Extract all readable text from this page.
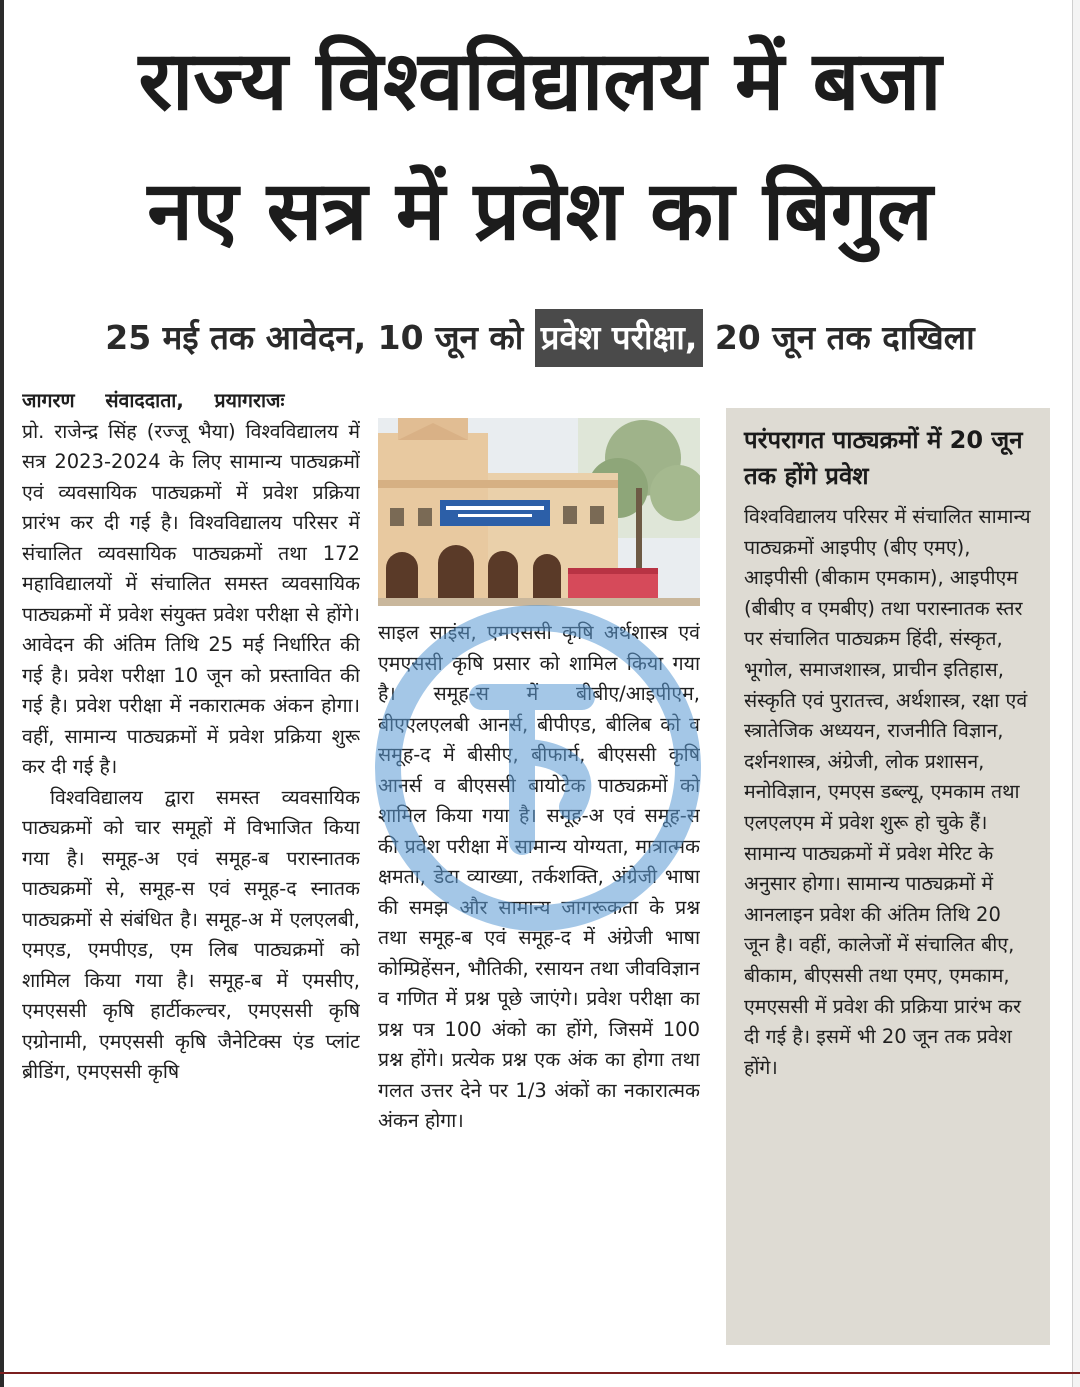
राज्य विश्वविद्यालय में बजा
नए सत्र में प्रवेश का बिगुल
25 मई तक आवेदन, 10 जून को प्रवेश परीक्षा, 20 जून तक दाखिला

जागरण संवाददाता, प्रयागराजः

प्रो. राजेन्द्र सिंह (रज्जू भैया) विश्वविद्यालय में सत्र 2023-2024 के लिए सामान्य पाठ्यक्रमों एवं व्यवसायिक पाठ्यक्रमों में प्रवेश प्रक्रिया प्रारंभ कर दी गई है। विश्वविद्यालय परिसर में संचालित व्यवसायिक पाठ्यक्रमों तथा 172 महाविद्यालयों में संचालित समस्त व्यवसायिक पाठ्यक्रमों में प्रवेश संयुक्त प्रवेश परीक्षा से होंगे। आवेदन की अंतिम तिथि 25 मई निर्धारित की गई है। प्रवेश परीक्षा 10 जून को प्रस्तावित की गई है। प्रवेश परीक्षा में नकारात्मक अंकन होगा। वहीं, सामान्य पाठ्यक्रमों में प्रवेश प्रक्रिया शुरू कर दी गई है।

विश्वविद्यालय द्वारा समस्त व्यवसायिक पाठ्यक्रमों को चार समूहों में विभाजित किया गया है। समूह-अ एवं समूह-ब परास्नातक पाठ्यक्रमों से, समूह-स एवं समूह-द स्नातक पाठ्यक्रमों से संबंधित है। समूह-अ में एलएलबी, एमएड, एमपीएड, एम लिब पाठ्यक्रमों को शामिल किया गया है। समूह-ब में एमसीए, एमएससी कृषि हार्टीकल्चर, एमएससी कृषि एग्रोनामी, एमएससी कृषि जैनेटिक्स एंड प्लांट ब्रीडिंग, एमएससी कृषि

साइल साइंस, एमएससी कृषि अर्थशास्त्र एवं एमएससी कृषि प्रसार को शामिल किया गया है। समूह-स में बीबीए/आइपीएम, बीएएलएलबी आनर्स, बीपीएड, बीलिब को व समूह-द में बीसीए, बीफार्म, बीएससी कृषि आनर्स व बीएससी बायोटेक पाठ्यक्रमों को शामिल किया गया है। समूह-अ एवं समूह-स की प्रवेश परीक्षा में सामान्य योग्यता, मात्रात्मक क्षमता, डेटा व्याख्या, तर्कशक्ति, अंग्रेजी भाषा की समझ और सामान्य जागरूकता के प्रश्न तथा समूह-ब एवं समूह-द में अंग्रेजी भाषा कोम्प्रिहेंसन, भौतिकी, रसायन तथा जीवविज्ञान व गणित में प्रश्न पूछे जाएंगे। प्रवेश परीक्षा का प्रश्न पत्र 100 अंको का होंगे, जिसमें 100 प्रश्न होंगे। प्रत्येक प्रश्न एक अंक का होगा तथा गलत उत्तर देने पर 1/3 अंकों का नकारात्मक अंकन होगा।

परंपरागत पाठ्यक्रमों में 20 जून तक होंगे प्रवेश

विश्वविद्यालय परिसर में संचालित सामान्य पाठ्यक्रमों आइपीए (बीए एमए), आइपीसी (बीकाम एमकाम), आइपीएम (बीबीए व एमबीए) तथा परास्नातक स्तर पर संचालित पाठ्यक्रम हिंदी, संस्कृत, भूगोल, समाजशास्त्र, प्राचीन इतिहास, संस्कृति एवं पुरातत्त्व, अर्थशास्त्र, रक्षा एवं स्त्रातेजिक अध्ययन, राजनीति विज्ञान, दर्शनशास्त्र, अंग्रेजी, लोक प्रशासन, मनोविज्ञान, एमएस डब्ल्यू, एमकाम तथा एलएलएम में प्रवेश शुरू हो चुके हैं। सामान्य पाठ्यक्रमों में प्रवेश मेरिट के अनुसार होगा। सामान्य पाठ्यक्रमों में आनलाइन प्रवेश की अंतिम तिथि 20 जून है। वहीं, कालेजों में संचालित बीए, बीकाम, बीएससी तथा एमए, एमकाम, एमएससी में प्रवेश की प्रक्रिया प्रारंभ कर दी गई है। इसमें भी 20 जून तक प्रवेश होंगे।
